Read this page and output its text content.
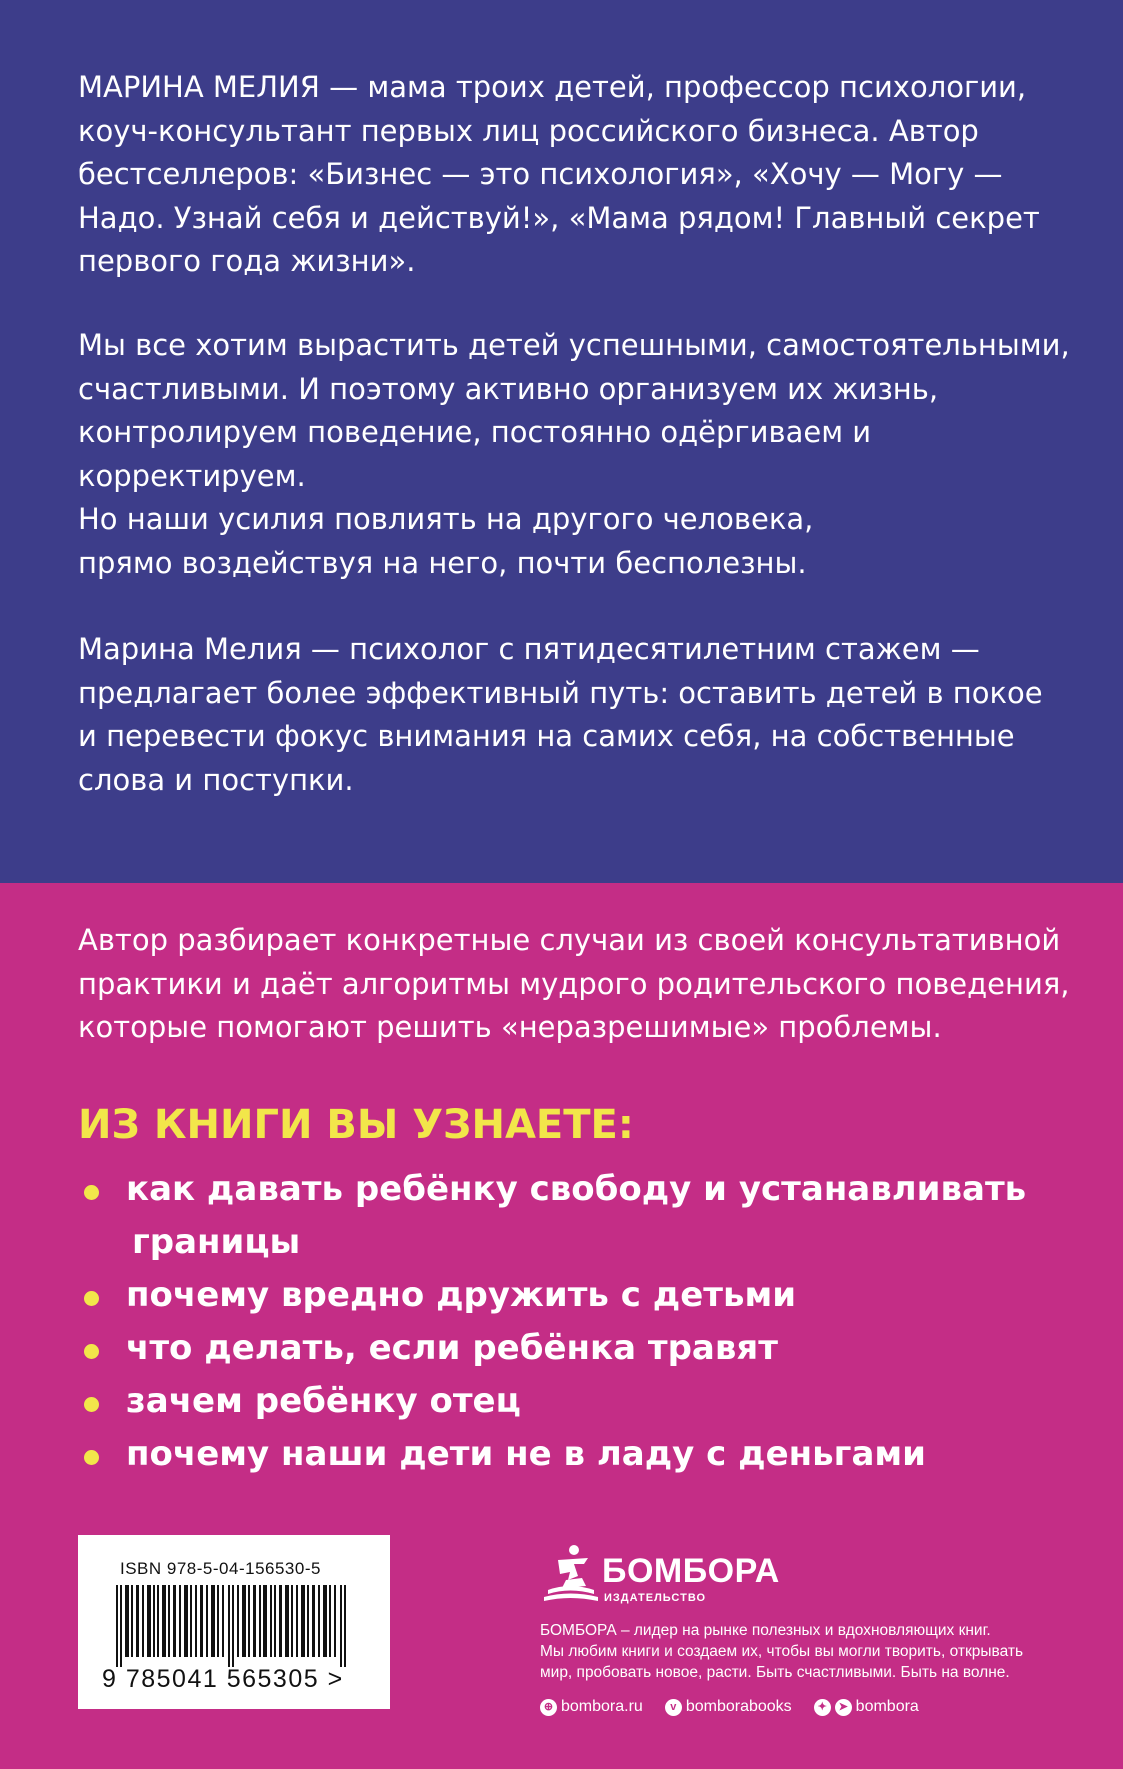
МАРИНА МЕЛИЯ — мама троих детей, профессор психологии,
коуч-консультант первых лиц российского бизнеса. Автор
бестселлеров: «Бизнес — это психология», «Хочу — Могу —
Надо. Узнай себя и действуй!», «Мама рядом! Главный секрет
первого года жизни».

Мы все хотим вырастить детей успешными, самостоятельными,
счастливыми. И поэтому активно организуем их жизнь,
контролируем поведение, постоянно одёргиваем и
корректируем.
Но наши усилия повлиять на другого человека,
прямо воздействуя на него, почти бесполезны.

Марина Мелия — психолог с пятидесятилетним стажем —
предлагает более эффективный путь: оставить детей в покое
и перевести фокус внимания на самих себя, на собственные
слова и поступки.

Автор разбирает конкретные случаи из своей консультативной
практики и даёт алгоритмы мудрого родительского поведения,
которые помогают решить «неразрешимые» проблемы.

ИЗ КНИГИ ВЫ УЗНАЕТЕ:
как давать ребёнку свободу и устанавливать
границы
почему вредно дружить с детьми
что делать, если ребёнка травят
зачем ребёнку отец
почему наши дети не в ладу с деньгами
ISBN 978-5-04-156530-5
9 785041 565305 >
БОМБОРА
ИЗДАТЕЛЬСТВО
БОМБОРА – лидер на рынке полезных и вдохновляющих книг.
Мы любим книги и создаем их, чтобы вы могли творить, открывать
мир, пробовать новое, расти. Быть счастливыми. Быть на волне.
⊕ bombora.ru	v bomborabooks	✦	➤ bombora
